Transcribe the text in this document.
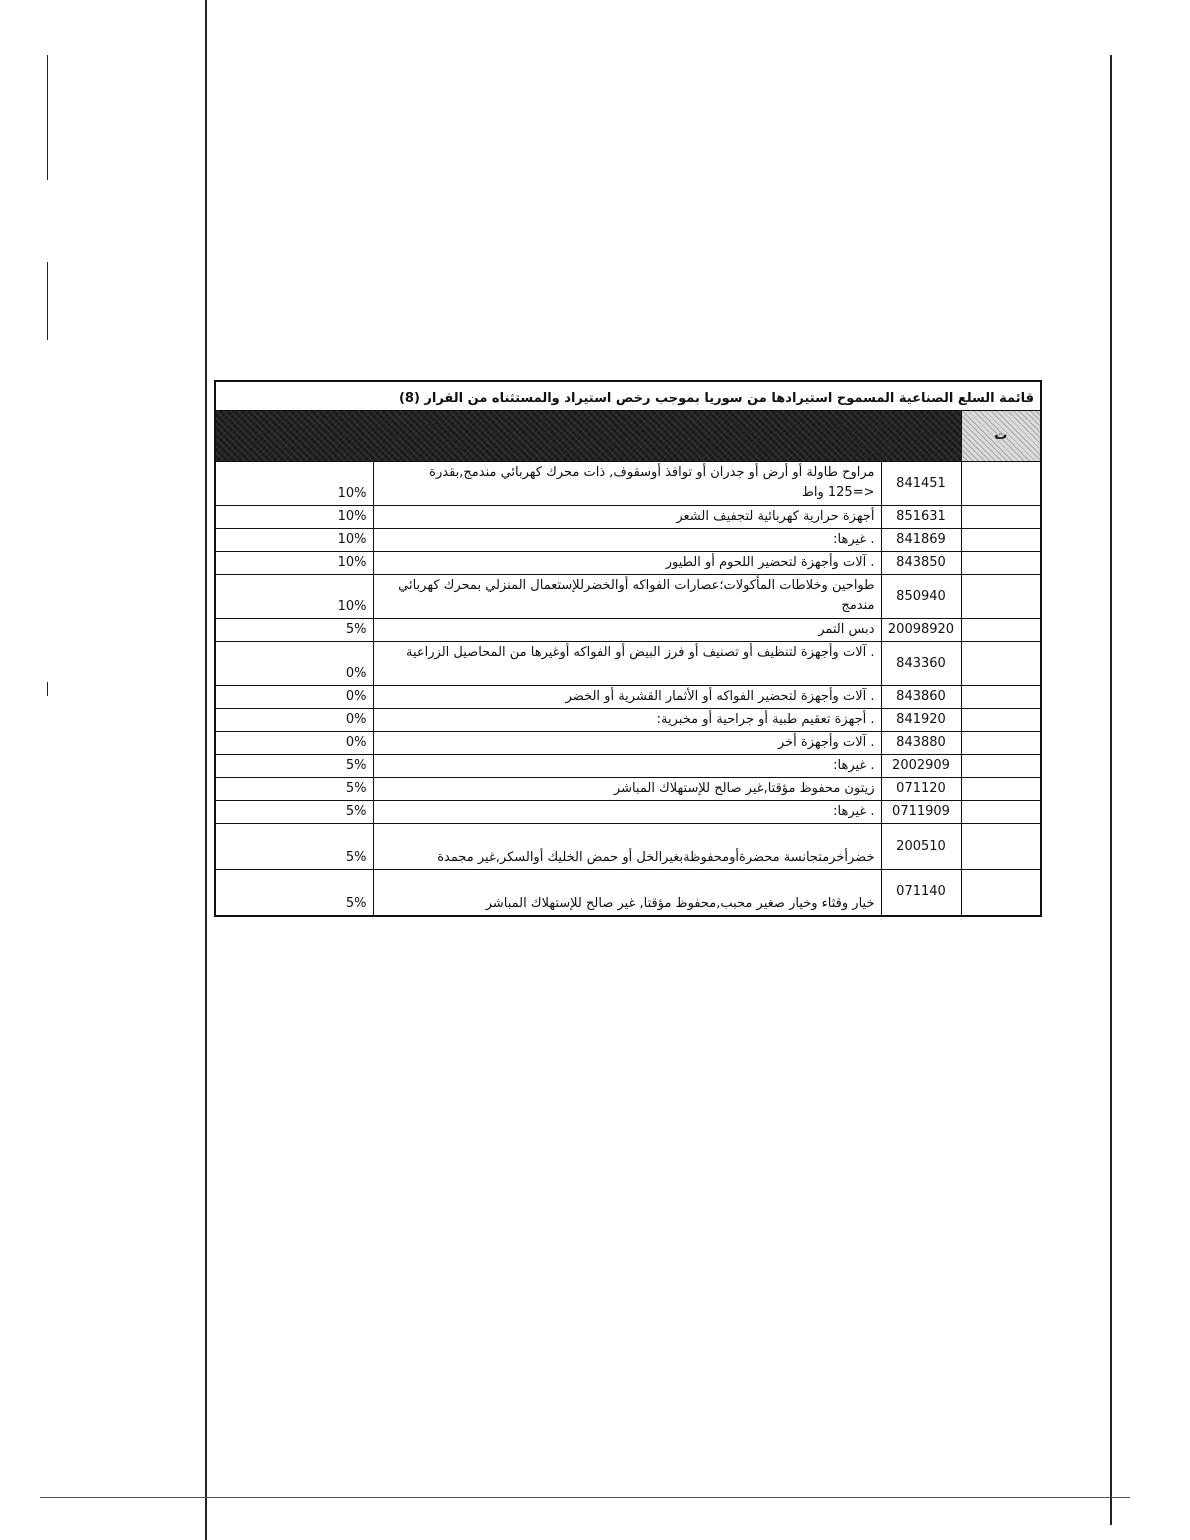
قائمة السلع الصناعية المسموح استيرادها من سوريا بموجب رخص استيراد والمستثناه من القرار (8)			
ت			
	841451	مراوح طاولة أو أرض أو جدران أو توافذ أوسقوف, ذات محرك كهربائي مندمج,بقدرة <=125 واط	10%
	851631	أجهزة حرارية كهربائية لتجفيف الشعر	10%
	841869	. غيرها:	10%
	843850	. آلات وأجهزة لتحضير اللحوم أو الطيور	10%
	850940	طواحين وخلاطات المأكولات؛عصارات الفواكه أوالخضرللإستعمال المنزلي بمحرك كهربائي مندمج	10%
	20098920	دبس التمر	5%
	843360	. آلات وأجهزة لتنظيف أو تصنيف أو فرز البيض أو الفواكه أوغيرها من المحاصيل الزراعية	0%
	843860	. آلات وأجهزة لتحضير الفواكه أو الأثمار القشرية أو الخضر	0%
	841920	. أجهزة تعقيم طبية أو جراحية أو مخبرية:	0%
	843880	. آلات وأجهزة أخر	0%
	2002909	. غيرها:	5%
	071120	زيتون محفوظ مؤقتا,غير صالح للإستهلاك المباشر	5%
	0711909	. غيرها:	5%
	200510	خضرأخرمتجانسة محضرةأومحفوظةبغيرالخل أو حمض الخليك أوالسكر,غير مجمدة	5%
	071140	خيار وقثاء وخيار صغير محبب,محفوظ مؤقتا, غير صالح للإستهلاك المباشر	5%
